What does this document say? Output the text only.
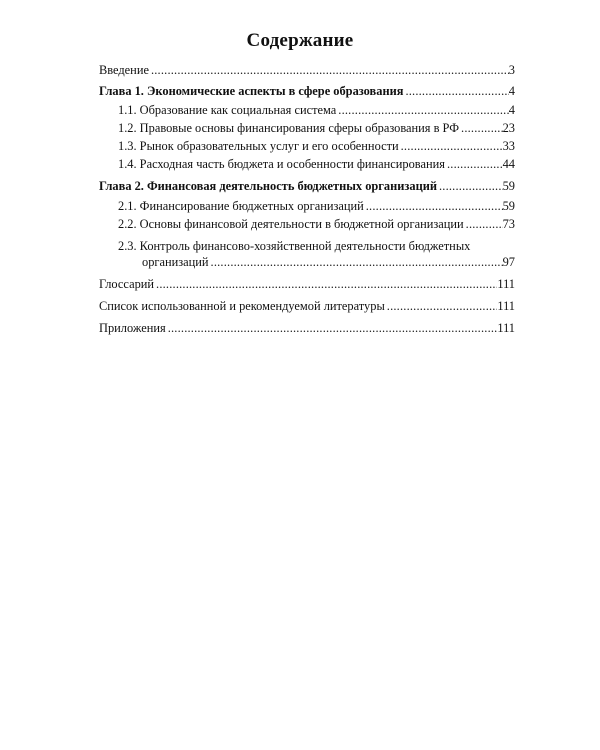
Содержание
Введение .....	3
Глава 1. Экономические аспекты в сфере образования .....	4
1.1. Образование как социальная система .....	4
1.2. Правовые основы финансирования сферы образования в РФ .....	23
1.3. Рынок образовательных услуг и его особенности .....	33
1.4. Расходная часть бюджета и особенности финансирования .....	44
Глава 2. Финансовая деятельность бюджетных организаций .....	59
2.1. Финансирование бюджетных организаций .....	59
2.2. Основы финансовой деятельности в бюджетной организации .....	73
2.3. Контроль финансово-хозяйственной деятельности бюджетных
организаций .....	97
Глоссарий .....	111
Список использованной и рекомендуемой литературы .....	111
Приложения .....	111
